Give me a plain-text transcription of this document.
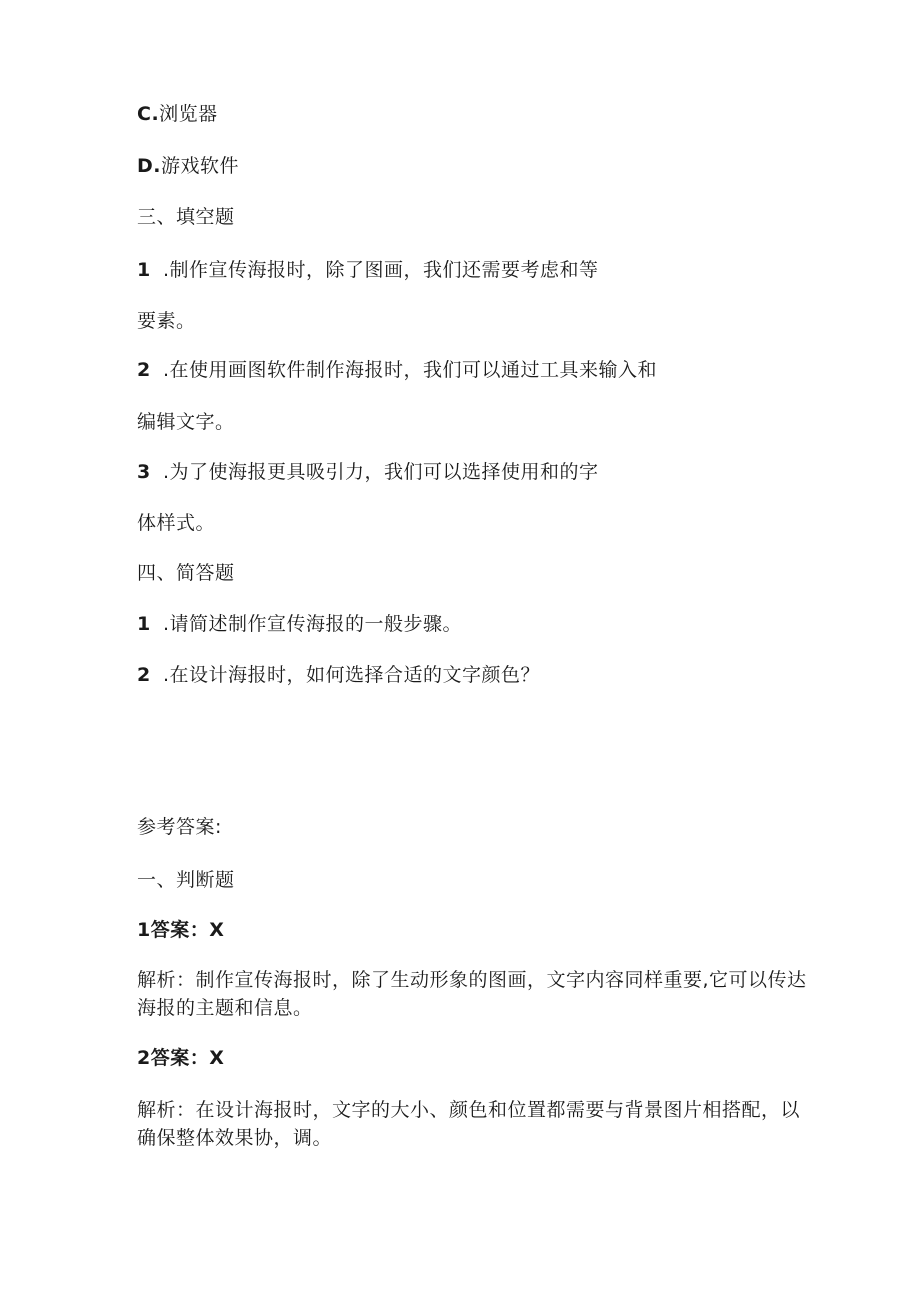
C.浏览器
D.游戏软件
三、填空题
1 .制作宣传海报时，除了图画，我们还需要考虑和等
要素。
2 .在使用画图软件制作海报时，我们可以通过工具来输入和
编辑文字。
3 .为了使海报更具吸引力，我们可以选择使用和的字
体样式。
四、简答题
1 .请简述制作宣传海报的一般步骤。
2 .在设计海报时，如何选择合适的文字颜色？
参考答案:
一、判断题
1答案：X
解析：制作宣传海报时，除了生动形象的图画，文字内容同样重要,它可以传达海报的主题和信息。
2答案：X
解析：在设计海报时，文字的大小、颜色和位置都需要与背景图片相搭配，以确保整体效果协，调。
